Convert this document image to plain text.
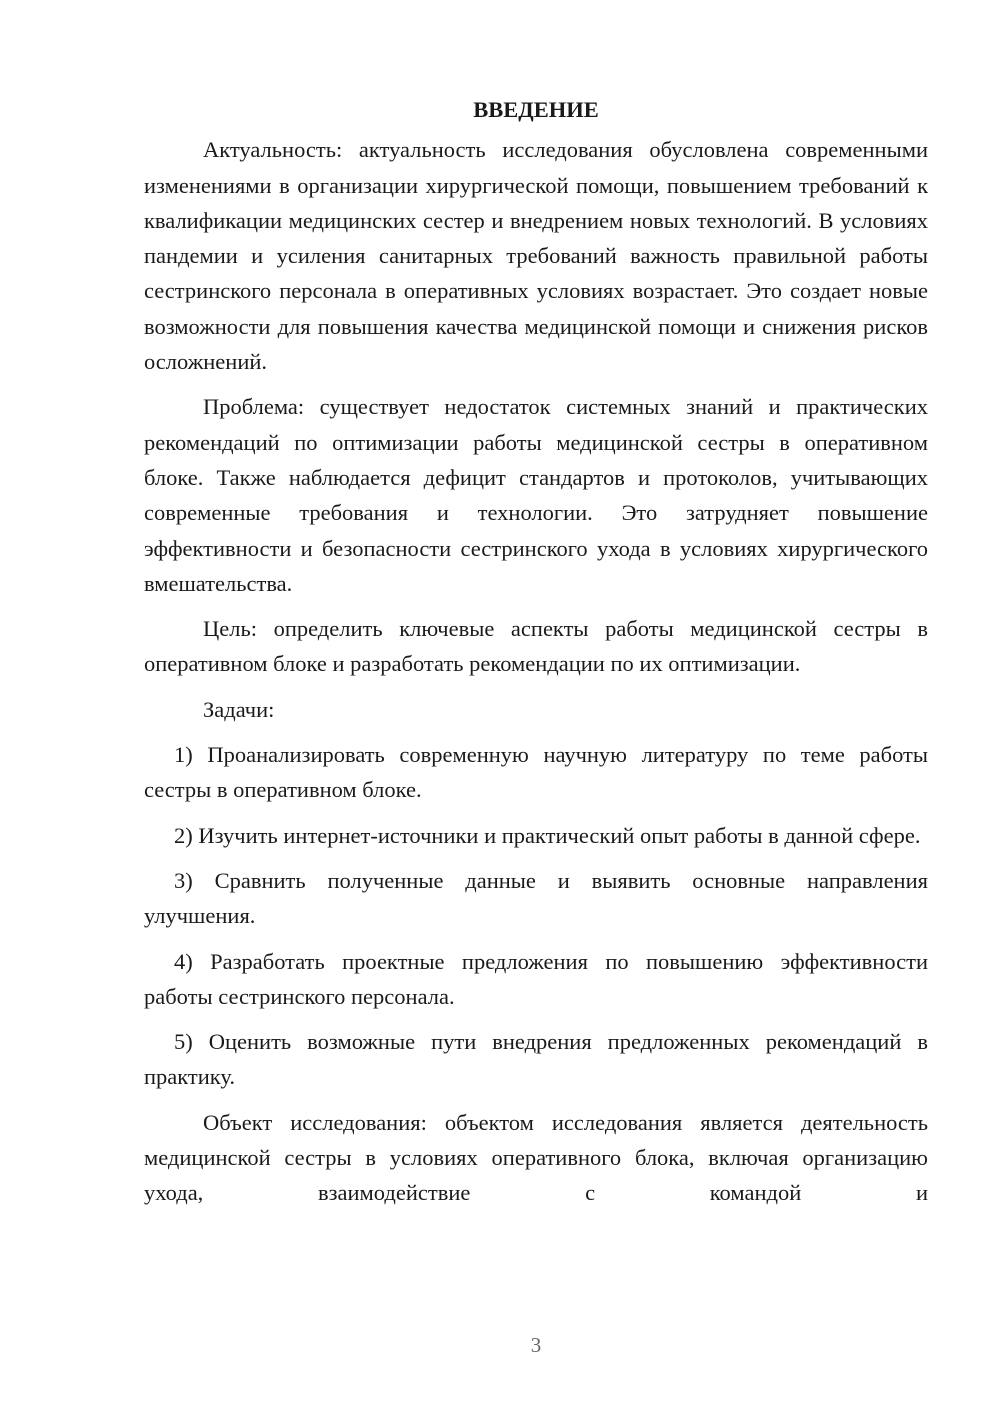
ВВЕДЕНИЕ

Актуальность: актуальность исследования обусловлена современными изменениями в организации хирургической помощи, повышением требований к квалификации медицинских сестер и внедрением новых технологий. В условиях пандемии и усиления санитарных требований важность правильной работы сестринского персонала в оперативных условиях возрастает. Это создает новые возможности для повышения качества медицинской помощи и снижения рисков осложнений.

Проблема: существует недостаток системных знаний и практических рекомендаций по оптимизации работы медицинской сестры в оперативном блоке. Также наблюдается дефицит стандартов и протоколов, учитывающих современные требования и технологии. Это затрудняет повышение эффективности и безопасности сестринского ухода в условиях хирургического вмешательства.

Цель: определить ключевые аспекты работы медицинской сестры в оперативном блоке и разработать рекомендации по их оптимизации.

Задачи:

1) Проанализировать современную научную литературу по теме работы сестры в оперативном блоке.

2) Изучить интернет-источники и практический опыт работы в данной сфере.

3) Сравнить полученные данные и выявить основные направления улучшения.

4) Разработать проектные предложения по повышению эффективности работы сестринского персонала.

5) Оценить возможные пути внедрения предложенных рекомендаций в практику.

Объект исследования: объектом исследования является деятельность медицинской сестры в условиях оперативного блока, включая организацию ухода, взаимодействие с командой и

3
